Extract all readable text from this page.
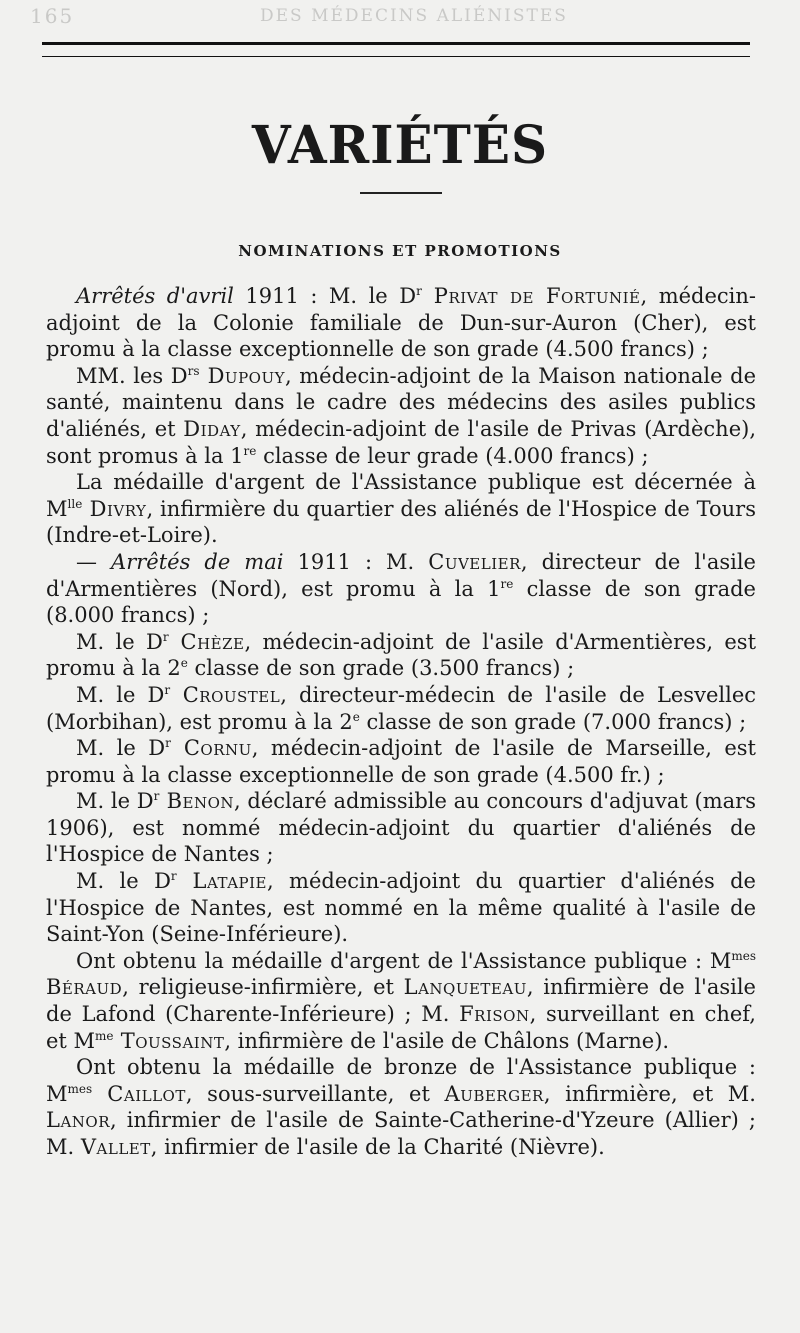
165	DES MÉDECINS ALIÉNISTES
VARIÉTÉS
NOMINATIONS ET PROMOTIONS

Arrêtés d'avril 1911 : M. le $D^r$ Privat de Fortunié, médecin-adjoint de la Colonie familiale de Dun-sur-Auron (Cher), est promu à la classe exceptionnelle de son grade (4.500 francs) ;

MM. les $D^{rs}$ Dupouy, médecin-adjoint de la Maison nationale de santé, maintenu dans le cadre des médecins des asiles publics d'aliénés, et Diday, médecin-adjoint de l'asile de Privas (Ardèche), sont promus à la 1re classe de leur grade (4.000 francs) ;

La médaille d'argent de l'Assistance publique est décernée à $M^{lle}$ Divry, infirmière du quartier des aliénés de l'Hospice de Tours (Indre-et-Loire).

— Arrêtés de mai 1911 : M. Cuvelier, directeur de l'asile d'Armentières (Nord), est promu à la 1re classe de son grade (8.000 francs) ;

M. le $D^r$ Chèze, médecin-adjoint de l'asile d'Armentières, est promu à la 2e classe de son grade (3.500 francs) ;

M. le $D^r$ Croustel, directeur-médecin de l'asile de Lesvellec (Morbihan), est promu à la 2e classe de son grade (7.000 francs) ;

M. le $D^r$ Cornu, médecin-adjoint de l'asile de Marseille, est promu à la classe exceptionnelle de son grade (4.500 fr.) ;

M. le $D^r$ Benon, déclaré admissible au concours d'adjuvat (mars 1906), est nommé médecin-adjoint du quartier d'aliénés de l'Hospice de Nantes ;

M. le $D^r$ Latapie, médecin-adjoint du quartier d'aliénés de l'Hospice de Nantes, est nommé en la même qualité à l'asile de Saint-Yon (Seine-Inférieure).

Ont obtenu la médaille d'argent de l'Assistance publique : $M^{mes}$ Béraud, religieuse-infirmière, et Lanqueteau, infirmière de l'asile de Lafond (Charente-Inférieure) ; M. Frison, surveillant en chef, et $M^{me}$ Toussaint, infirmière de l'asile de Châlons (Marne).

Ont obtenu la médaille de bronze de l'Assistance publique : $M^{mes}$ Caillot, sous-surveillante, et Auberger, infirmière, et M. Lanor, infirmier de l'asile de Sainte-Catherine-d'Yzeure (Allier) ; M. Vallet, infirmier de l'asile de la Charité (Nièvre).
